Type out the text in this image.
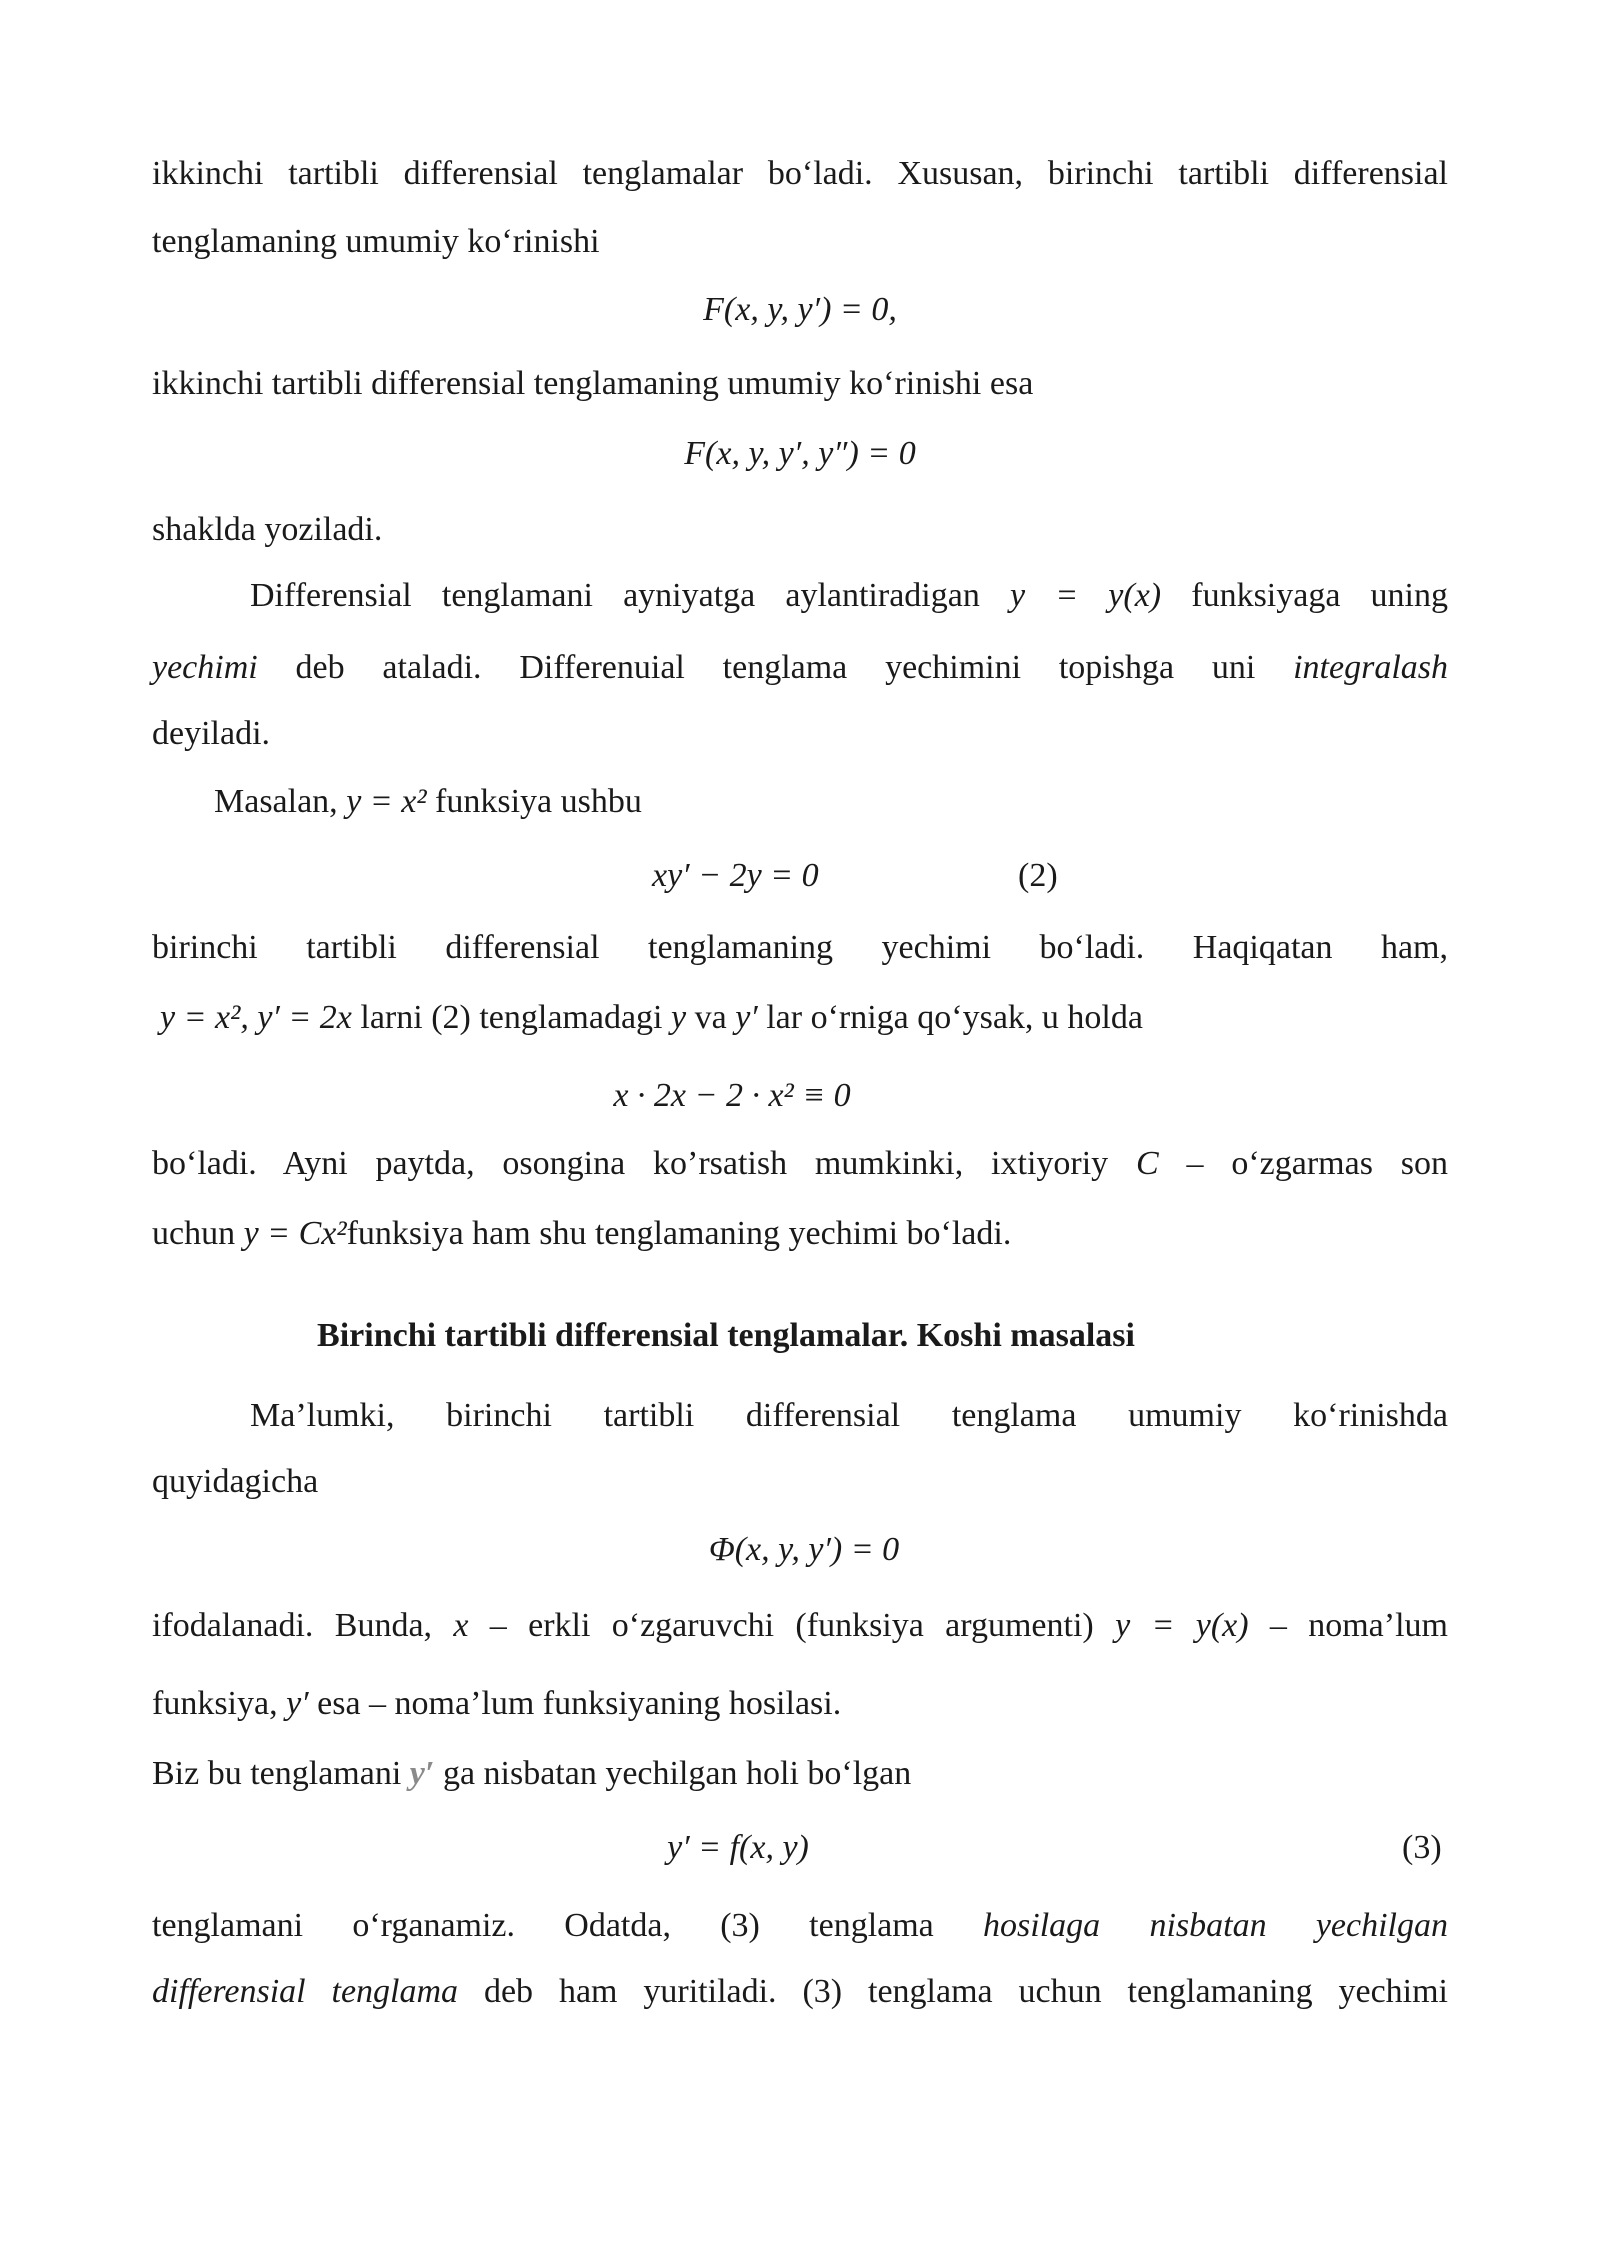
ikkinchi tartibli differensial tenglamalar bo‘ladi. Xususan, birinchi tartibli differensial
tenglamaning umumiy ko‘rinishi
F(x, y, y′) = 0,
ikkinchi tartibli differensial tenglamaning umumiy ko‘rinishi esa
F(x, y, y′, y″) = 0
shaklda yoziladi.
Differensial tenglamani ayniyatga aylantiradigan y = y(x) funksiyaga uning
yechimi deb ataladi. Differenuial tenglama yechimini topishga uni integralash
deyiladi.
Masalan, y = x² funksiya ushbu
xy′ − 2y = 0	(2)
birinchi tartibli differensial tenglamaning yechimi bo‘ladi. Haqiqatan ham,
y = x², y′ = 2x larni (2) tenglamadagi y va y′ lar o‘rniga qo‘ysak, u holda
x · 2x − 2 · x² ≡ 0
bo‘ladi. Ayni paytda, osongina ko’rsatish mumkinki, ixtiyoriy C – o‘zgarmas son
uchun y = Cx²funksiya ham shu tenglamaning yechimi bo‘ladi.
Birinchi tartibli differensial tenglamalar. Koshi masalasi
Ma’lumki, birinchi tartibli differensial tenglama umumiy ko‘rinishda
quyidagicha
Φ(x, y, y′) = 0
ifodalanadi. Bunda, x – erkli o‘zgaruvchi (funksiya argumenti) y = y(x) – noma’lum
funksiya, y′ esa – noma’lum funksiyaning hosilasi.
Biz bu tenglamani y′ ga nisbatan yechilgan holi bo‘lgan
y′ = f(x, y)	(3)
tenglamani o‘rganamiz. Odatda, (3) tenglama hosilaga nisbatan yechilgan
differensial tenglama deb ham yuritiladi. (3) tenglama uchun tenglamaning yechimi
